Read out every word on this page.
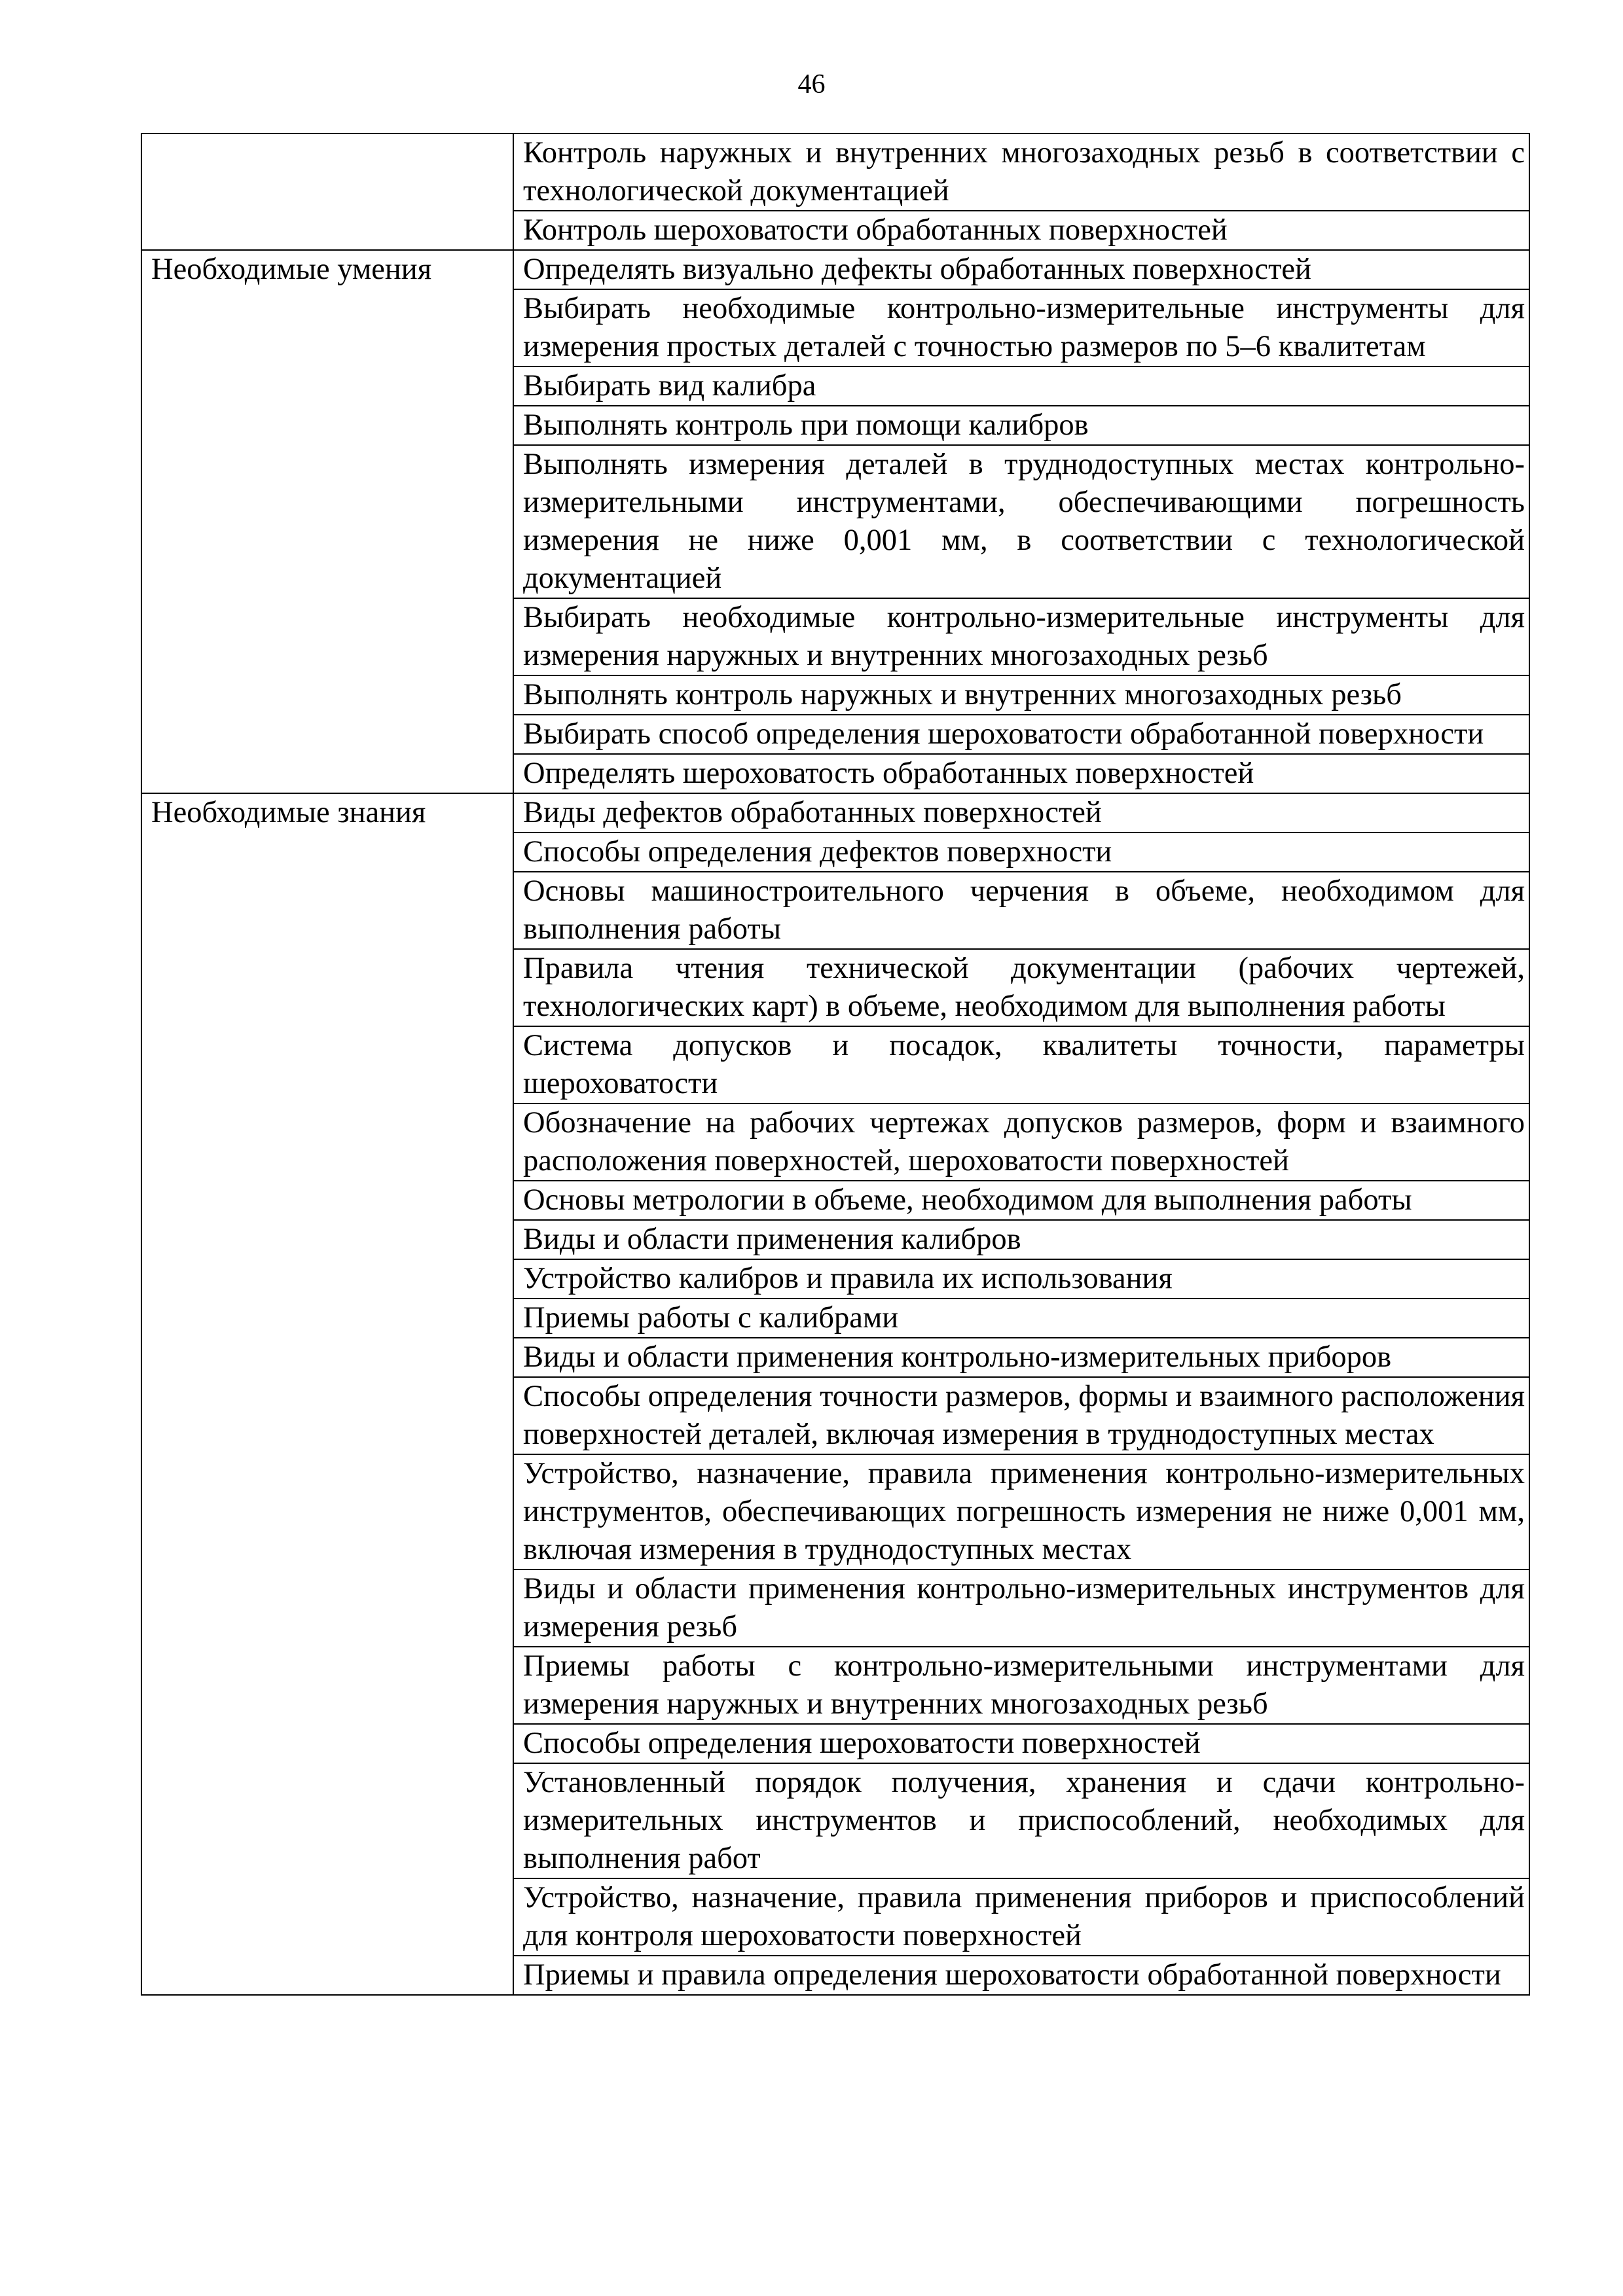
46
	Контроль наружных и внутренних многозаходных резьб в соответствии с технологической документацией
	Контроль шероховатости обработанных поверхностей
Необходимые умения	Определять визуально дефекты обработанных поверхностей
	Выбирать необходимые контрольно-измерительные инструменты для измерения простых деталей с точностью размеров по 5–6 квалитетам
	Выбирать вид калибра
	Выполнять контроль при помощи калибров
	Выполнять измерения деталей в труднодоступных местах контрольно-измерительными инструментами, обеспечивающими погрешность измерения не ниже 0,001 мм, в соответствии с технологической документацией
	Выбирать необходимые контрольно-измерительные инструменты для измерения наружных и внутренних многозаходных резьб
	Выполнять контроль наружных и внутренних многозаходных резьб
	Выбирать способ определения шероховатости обработанной поверхности
	Определять шероховатость обработанных поверхностей
Необходимые знания	Виды дефектов обработанных поверхностей
	Способы определения дефектов поверхности
	Основы машиностроительного черчения в объеме, необходимом для выполнения работы
	Правила чтения технической документации (рабочих чертежей, технологических карт) в объеме, необходимом для выполнения работы
	Система допусков и посадок, квалитеты точности, параметры шероховатости
	Обозначение на рабочих чертежах допусков размеров, форм и взаимного расположения поверхностей, шероховатости поверхностей
	Основы метрологии в объеме, необходимом для выполнения работы
	Виды и области применения калибров
	Устройство калибров и правила их использования
	Приемы работы с калибрами
	Виды и области применения контрольно-измерительных приборов
	Способы определения точности размеров, формы и взаимного расположения поверхностей деталей, включая измерения в труднодоступных местах
	Устройство, назначение, правила применения контрольно-измерительных инструментов, обеспечивающих погрешность измерения не ниже 0,001 мм, включая измерения в труднодоступных местах
	Виды и области применения контрольно-измерительных инструментов для измерения резьб
	Приемы работы с контрольно-измерительными инструментами для измерения наружных и внутренних многозаходных резьб
	Способы определения шероховатости поверхностей
	Установленный порядок получения, хранения и сдачи контрольно-измерительных инструментов и приспособлений, необходимых для выполнения работ
	Устройство, назначение, правила применения приборов и приспособлений для контроля шероховатости поверхностей
	Приемы и правила определения шероховатости обработанной поверхности
